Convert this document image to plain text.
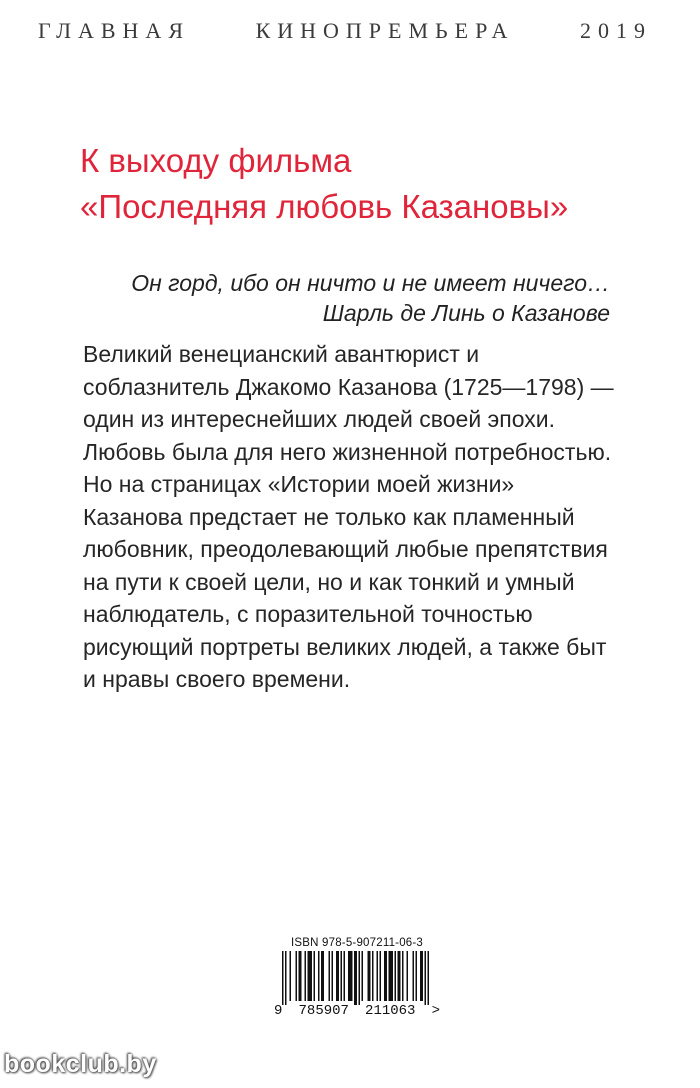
ГЛАВНАЯ	КИНОПРЕМЬЕРА	2019
К выходу фильма
«Последняя любовь Казановы»
Он горд, ибо он ничто и не имеет ничего…
Шарль де Линь о Казанове
Великий венецианский авантюрист и
соблазнитель Джакомо Казанова (1725—1798) —
один из интереснейших людей своей эпохи.
Любовь была для него жизненной потребностью.
Но на страницах «Истории моей жизни»
Казанова предстает не только как пламенный
любовник, преодолевающий любые препятствия
на пути к своей цели, но и как тонкий и умный
наблюдатель, с поразительной точностью
рисующий портреты великих людей, а также быт
и нравы своего времени.
ISBN 978-5-907211-06-3
9 785907 211063 >
bookclub.by
